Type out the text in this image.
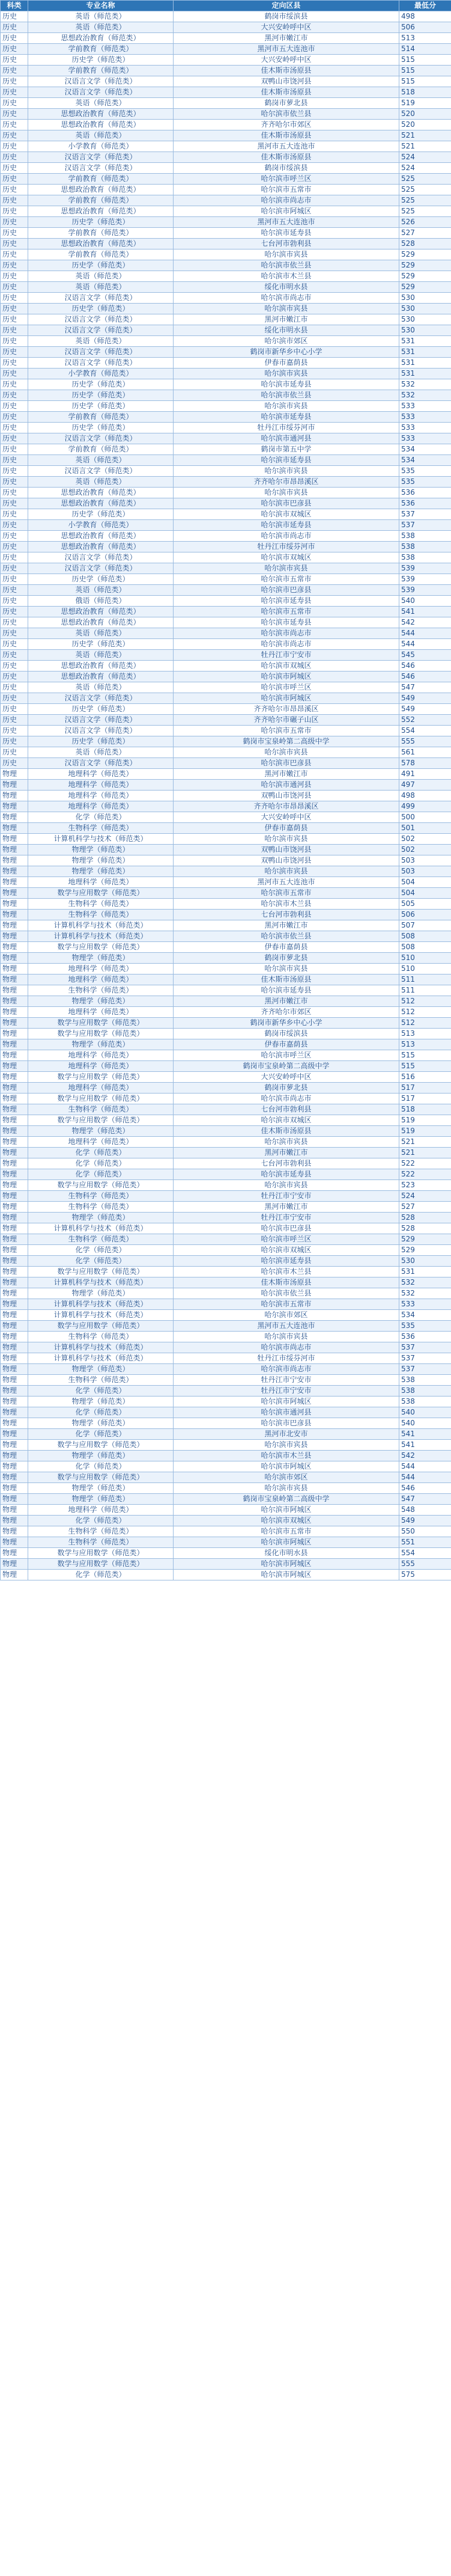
科类	专业名称	定向区县	最低分
历史	英语（师范类）	鹤岗市绥滨县	498
历史	英语（师范类）	大兴安岭呼中区	506
历史	思想政治教育（师范类）	黑河市嫩江市	513
历史	学前教育（师范类）	黑河市五大连池市	514
历史	历史学（师范类）	大兴安岭呼中区	515
历史	学前教育（师范类）	佳木斯市汤原县	515
历史	汉语言文学（师范类）	双鸭山市饶河县	515
历史	汉语言文学（师范类）	佳木斯市汤原县	518
历史	英语（师范类）	鹤岗市萝北县	519
历史	思想政治教育（师范类）	哈尔滨市依兰县	520
历史	思想政治教育（师范类）	齐齐哈尔市郊区	520
历史	英语（师范类）	佳木斯市汤原县	521
历史	小学教育（师范类）	黑河市五大连池市	521
历史	汉语言文学（师范类）	佳木斯市汤原县	524
历史	汉语言文学（师范类）	鹤岗市绥滨县	524
历史	学前教育（师范类）	哈尔滨市呼兰区	525
历史	思想政治教育（师范类）	哈尔滨市五常市	525
历史	学前教育（师范类）	哈尔滨市尚志市	525
历史	思想政治教育（师范类）	哈尔滨市阿城区	525
历史	历史学（师范类）	黑河市五大连池市	526
历史	学前教育（师范类）	哈尔滨市延寿县	527
历史	思想政治教育（师范类）	七台河市勃利县	528
历史	学前教育（师范类）	哈尔滨市宾县	529
历史	历史学（师范类）	哈尔滨市依兰县	529
历史	英语（师范类）	哈尔滨市木兰县	529
历史	英语（师范类）	绥化市明水县	529
历史	汉语言文学（师范类）	哈尔滨市尚志市	530
历史	历史学（师范类）	哈尔滨市宾县	530
历史	汉语言文学（师范类）	黑河市嫩江市	530
历史	汉语言文学（师范类）	绥化市明水县	530
历史	英语（师范类）	哈尔滨市郊区	531
历史	汉语言文学（师范类）	鹤岗市新华乡中心小学	531
历史	汉语言文学（师范类）	伊春市嘉荫县	531
历史	小学教育（师范类）	哈尔滨市宾县	531
历史	历史学（师范类）	哈尔滨市延寿县	532
历史	历史学（师范类）	哈尔滨市依兰县	532
历史	历史学（师范类）	哈尔滨市宾县	533
历史	学前教育（师范类）	哈尔滨市延寿县	533
历史	历史学（师范类）	牡丹江市绥芬河市	533
历史	汉语言文学（师范类）	哈尔滨市通河县	533
历史	学前教育（师范类）	鹤岗市第五中学	534
历史	英语（师范类）	哈尔滨市延寿县	534
历史	汉语言文学（师范类）	哈尔滨市宾县	535
历史	英语（师范类）	齐齐哈尔市昂昂溪区	535
历史	思想政治教育（师范类）	哈尔滨市宾县	536
历史	思想政治教育（师范类）	哈尔滨市巴彦县	536
历史	历史学（师范类）	哈尔滨市双城区	537
历史	小学教育（师范类）	哈尔滨市延寿县	537
历史	思想政治教育（师范类）	哈尔滨市尚志市	538
历史	思想政治教育（师范类）	牡丹江市绥芬河市	538
历史	汉语言文学（师范类）	哈尔滨市双城区	538
历史	汉语言文学（师范类）	哈尔滨市宾县	539
历史	历史学（师范类）	哈尔滨市五常市	539
历史	英语（师范类）	哈尔滨市巴彦县	539
历史	俄语（师范类）	哈尔滨市延寿县	540
历史	思想政治教育（师范类）	哈尔滨市五常市	541
历史	思想政治教育（师范类）	哈尔滨市延寿县	542
历史	英语（师范类）	哈尔滨市尚志市	544
历史	历史学（师范类）	哈尔滨市尚志市	544
历史	英语（师范类）	牡丹江市宁安市	545
历史	思想政治教育（师范类）	哈尔滨市双城区	546
历史	思想政治教育（师范类）	哈尔滨市阿城区	546
历史	英语（师范类）	哈尔滨市呼兰区	547
历史	汉语言文学（师范类）	哈尔滨市阿城区	549
历史	历史学（师范类）	齐齐哈尔市昂昂溪区	549
历史	汉语言文学（师范类）	齐齐哈尔市碾子山区	552
历史	汉语言文学（师范类）	哈尔滨市五常市	554
历史	历史学（师范类）	鹤岗市宝泉岭第二高级中学	555
历史	英语（师范类）	哈尔滨市宾县	561
历史	汉语言文学（师范类）	哈尔滨市巴彦县	578
物理	地理科学（师范类）	黑河市嫩江市	491
物理	地理科学（师范类）	哈尔滨市通河县	497
物理	地理科学（师范类）	双鸭山市饶河县	498
物理	地理科学（师范类）	齐齐哈尔市昂昂溪区	499
物理	化学（师范类）	大兴安岭呼中区	500
物理	生物科学（师范类）	伊春市嘉荫县	501
物理	计算机科学与技术（师范类）	哈尔滨市宾县	502
物理	物理学（师范类）	双鸭山市饶河县	502
物理	物理学（师范类）	双鸭山市饶河县	503
物理	物理学（师范类）	哈尔滨市宾县	503
物理	地理科学（师范类）	黑河市五大连池市	504
物理	数学与应用数学（师范类）	哈尔滨市五常市	504
物理	生物科学（师范类）	哈尔滨市木兰县	505
物理	生物科学（师范类）	七台河市勃利县	506
物理	计算机科学与技术（师范类）	黑河市嫩江市	507
物理	计算机科学与技术（师范类）	哈尔滨市依兰县	508
物理	数学与应用数学（师范类）	伊春市嘉荫县	508
物理	物理学（师范类）	鹤岗市萝北县	510
物理	地理科学（师范类）	哈尔滨市宾县	510
物理	地理科学（师范类）	佳木斯市汤原县	511
物理	生物科学（师范类）	哈尔滨市延寿县	511
物理	物理学（师范类）	黑河市嫩江市	512
物理	地理科学（师范类）	齐齐哈尔市郊区	512
物理	数学与应用数学（师范类）	鹤岗市新华乡中心小学	512
物理	数学与应用数学（师范类）	鹤岗市绥滨县	513
物理	物理学（师范类）	伊春市嘉荫县	513
物理	地理科学（师范类）	哈尔滨市呼兰区	515
物理	地理科学（师范类）	鹤岗市宝泉岭第二高级中学	515
物理	数学与应用数学（师范类）	大兴安岭呼中区	516
物理	地理科学（师范类）	鹤岗市萝北县	517
物理	数学与应用数学（师范类）	哈尔滨市尚志市	517
物理	生物科学（师范类）	七台河市勃利县	518
物理	数学与应用数学（师范类）	哈尔滨市双城区	519
物理	物理学（师范类）	佳木斯市汤原县	519
物理	地理科学（师范类）	哈尔滨市宾县	521
物理	化学（师范类）	黑河市嫩江市	521
物理	化学（师范类）	七台河市勃利县	522
物理	化学（师范类）	哈尔滨市延寿县	522
物理	数学与应用数学（师范类）	哈尔滨市宾县	523
物理	生物科学（师范类）	牡丹江市宁安市	524
物理	生物科学（师范类）	黑河市嫩江市	527
物理	物理学（师范类）	牡丹江市宁安市	528
物理	计算机科学与技术（师范类）	哈尔滨市巴彦县	528
物理	生物科学（师范类）	哈尔滨市呼兰区	529
物理	化学（师范类）	哈尔滨市双城区	529
物理	化学（师范类）	哈尔滨市延寿县	530
物理	数学与应用数学（师范类）	哈尔滨市木兰县	531
物理	计算机科学与技术（师范类）	佳木斯市汤原县	532
物理	物理学（师范类）	哈尔滨市依兰县	532
物理	计算机科学与技术（师范类）	哈尔滨市五常市	533
物理	计算机科学与技术（师范类）	哈尔滨市郊区	534
物理	数学与应用数学（师范类）	黑河市五大连池市	535
物理	生物科学（师范类）	哈尔滨市宾县	536
物理	计算机科学与技术（师范类）	哈尔滨市尚志市	537
物理	计算机科学与技术（师范类）	牡丹江市绥芬河市	537
物理	物理学（师范类）	哈尔滨市尚志市	537
物理	生物科学（师范类）	牡丹江市宁安市	538
物理	化学（师范类）	牡丹江市宁安市	538
物理	物理学（师范类）	哈尔滨市阿城区	538
物理	化学（师范类）	哈尔滨市通河县	540
物理	物理学（师范类）	哈尔滨市巴彦县	540
物理	化学（师范类）	黑河市北安市	541
物理	数学与应用数学（师范类）	哈尔滨市宾县	541
物理	物理学（师范类）	哈尔滨市木兰县	542
物理	化学（师范类）	哈尔滨市阿城区	544
物理	数学与应用数学（师范类）	哈尔滨市郊区	544
物理	物理学（师范类）	哈尔滨市宾县	546
物理	物理学（师范类）	鹤岗市宝泉岭第二高级中学	547
物理	地理科学（师范类）	哈尔滨市阿城区	548
物理	化学（师范类）	哈尔滨市双城区	549
物理	生物科学（师范类）	哈尔滨市五常市	550
物理	生物科学（师范类）	哈尔滨市阿城区	551
物理	数学与应用数学（师范类）	绥化市明水县	554
物理	数学与应用数学（师范类）	哈尔滨市阿城区	555
物理	化学（师范类）	哈尔滨市阿城区	575
